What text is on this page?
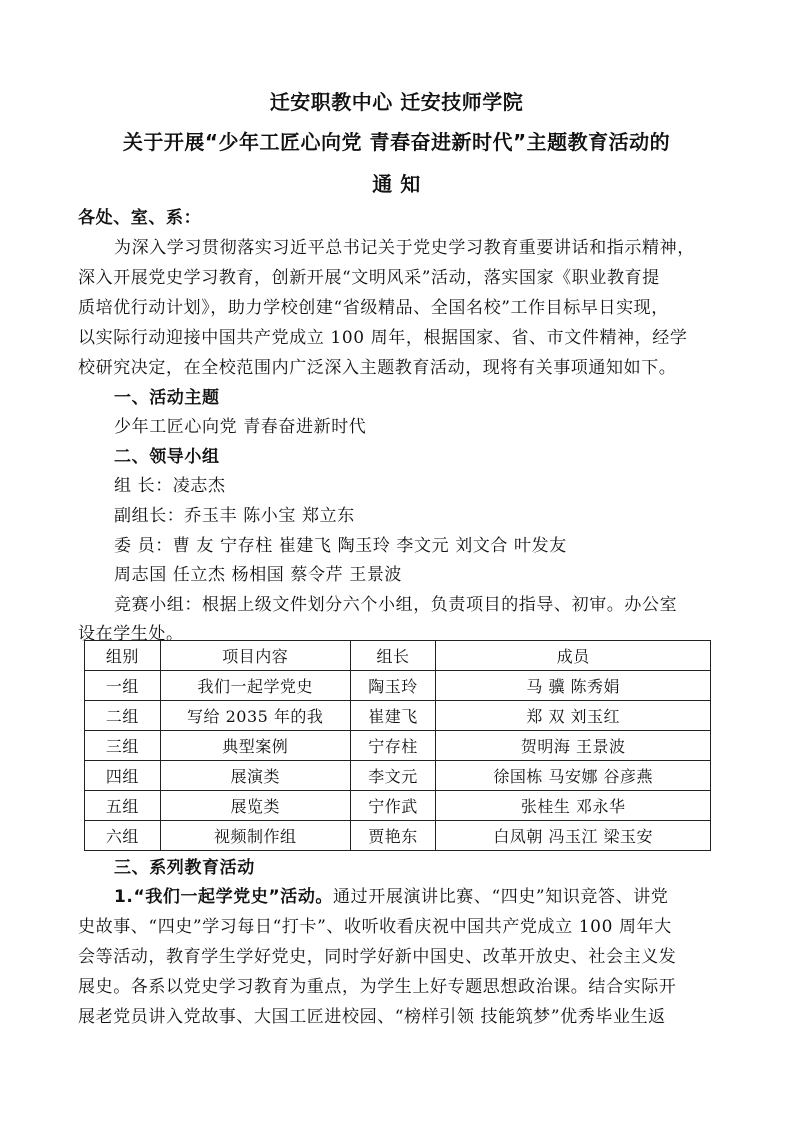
迁安职教中心 迁安技师学院
关于开展“少年工匠心向党 青春奋进新时代”主题教育活动的
通 知
各处、室、系：
为深入学习贯彻落实习近平总书记关于党史学习教育重要讲话和指示精神，
深入开展党史学习教育，创新开展“文明风采”活动，落实国家《职业教育提
质培优行动计划》，助力学校创建“省级精品、全国名校”工作目标早日实现，
以实际行动迎接中国共产党成立 100 周年，根据国家、省、市文件精神，经学
校研究决定，在全校范围内广泛深入主题教育活动，现将有关事项通知如下。
一、活动主题
少年工匠心向党 青春奋进新时代
二、领导小组
组 长：凌志杰
副组长：乔玉丰 陈小宝 郑立东
委 员：曹 友 宁存柱 崔建飞 陶玉玲 李文元 刘文合 叶发友
周志国 任立杰 杨相国 蔡令芹 王景波
竞赛小组：根据上级文件划分六个小组，负责项目的指导、初审。办公室
设在学生处。
组别	项目内容	组长	成员
一组	我们一起学党史	陶玉玲	马 骥 陈秀娟
二组	写给 2035 年的我	崔建飞	郑 双 刘玉红
三组	典型案例	宁存柱	贺明海 王景波
四组	展演类	李文元	徐国栋 马安娜 谷彦燕
五组	展览类	宁作武	张桂生 邓永华
六组	视频制作组	贾艳东	白凤朝 冯玉江 梁玉安
三、系列教育活动
1.“我们一起学党史”活动。通过开展演讲比赛、“四史”知识竞答、讲党
史故事、“四史”学习每日“打卡”、收听收看庆祝中国共产党成立 100 周年大
会等活动，教育学生学好党史，同时学好新中国史、改革开放史、社会主义发
展史。各系以党史学习教育为重点，为学生上好专题思想政治课。结合实际开
展老党员讲入党故事、大国工匠进校园、“榜样引领 技能筑梦”优秀毕业生返
